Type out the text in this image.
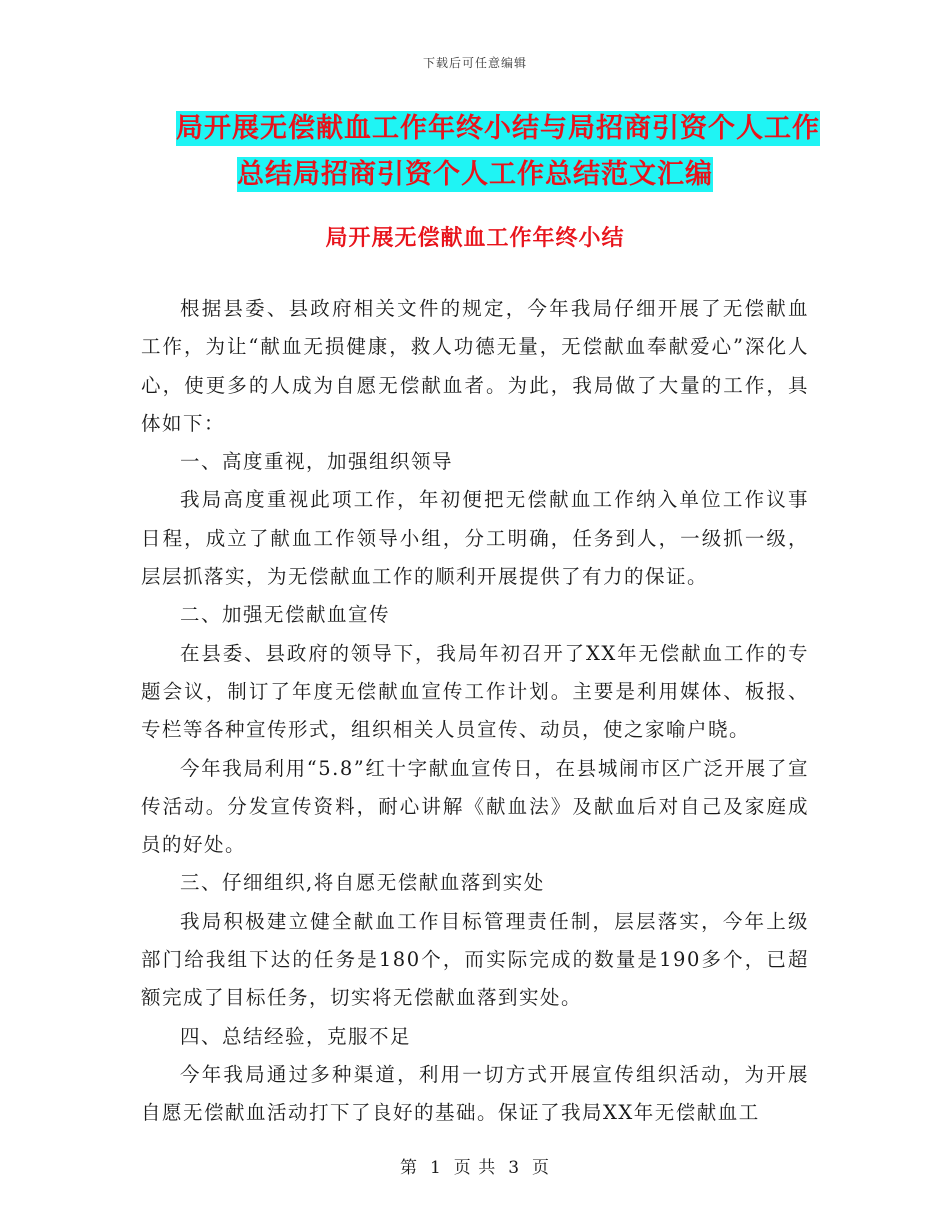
下载后可任意编辑
局开展无偿献血工作年终小结与局招商引资个人工作
总结局招商引资个人工作总结范文汇编
局开展无偿献血工作年终小结

根据县委、县政府相关文件的规定，今年我局仔细开展了无偿献血工作，为让“献血无损健康，救人功德无量，无偿献血奉献爱心”深化人心，使更多的人成为自愿无偿献血者。为此，我局做了大量的工作，具体如下：

一、高度重视，加强组织领导

我局高度重视此项工作，年初便把无偿献血工作纳入单位工作议事日程，成立了献血工作领导小组，分工明确，任务到人，一级抓一级，层层抓落实，为无偿献血工作的顺利开展提供了有力的保证。

二、加强无偿献血宣传

在县委、县政府的领导下，我局年初召开了XX年无偿献血工作的专题会议，制订了年度无偿献血宣传工作计划。主要是利用媒体、板报、专栏等各种宣传形式，组织相关人员宣传、动员，使之家喻户晓。

今年我局利用“5.8”红十字献血宣传日，在县城闹市区广泛开展了宣传活动。分发宣传资料，耐心讲解《献血法》及献血后对自己及家庭成员的好处。

三、仔细组织,将自愿无偿献血落到实处

我局积极建立健全献血工作目标管理责任制，层层落实，今年上级部门给我组下达的任务是180个，而实际完成的数量是190多个，已超额完成了目标任务，切实将无偿献血落到实处。

四、总结经验，克服不足

今年我局通过多种渠道，利用一切方式开展宣传组织活动，为开展自愿无偿献血活动打下了良好的基础。保证了我局XX年无偿献血工

第 1 页 共 3 页
